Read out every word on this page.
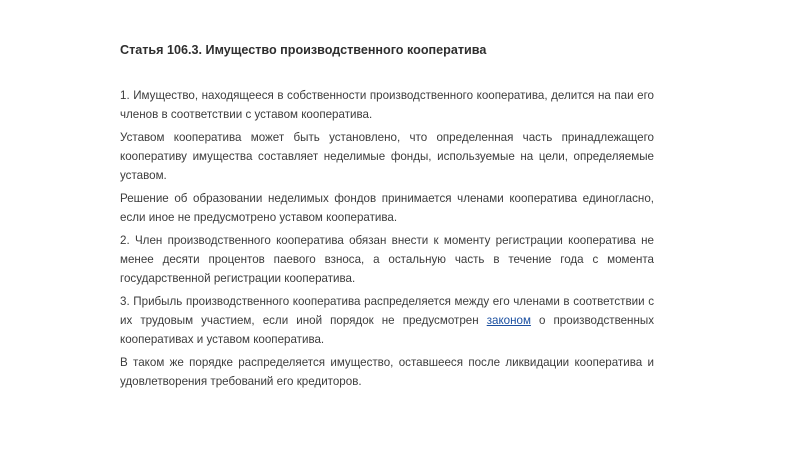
Статья 106.3. Имущество производственного кооператива

1. Имущество, находящееся в собственности производственного кооператива, делится на паи его членов в соответствии с уставом кооператива.

Уставом кооператива может быть установлено, что определенная часть принадлежащего кооперативу имущества составляет неделимые фонды, используемые на цели, определяемые уставом.

Решение об образовании неделимых фондов принимается членами кооператива единогласно, если иное не предусмотрено уставом кооператива.

2. Член производственного кооператива обязан внести к моменту регистрации кооператива не менее десяти процентов паевого взноса, а остальную часть в течение года с момента государственной регистрации кооператива.

3. Прибыль производственного кооператива распределяется между его членами в соответствии с их трудовым участием, если иной порядок не предусмотрен законом о производственных кооперативах и уставом кооператива.

В таком же порядке распределяется имущество, оставшееся после ликвидации кооператива и удовлетворения требований его кредиторов.
